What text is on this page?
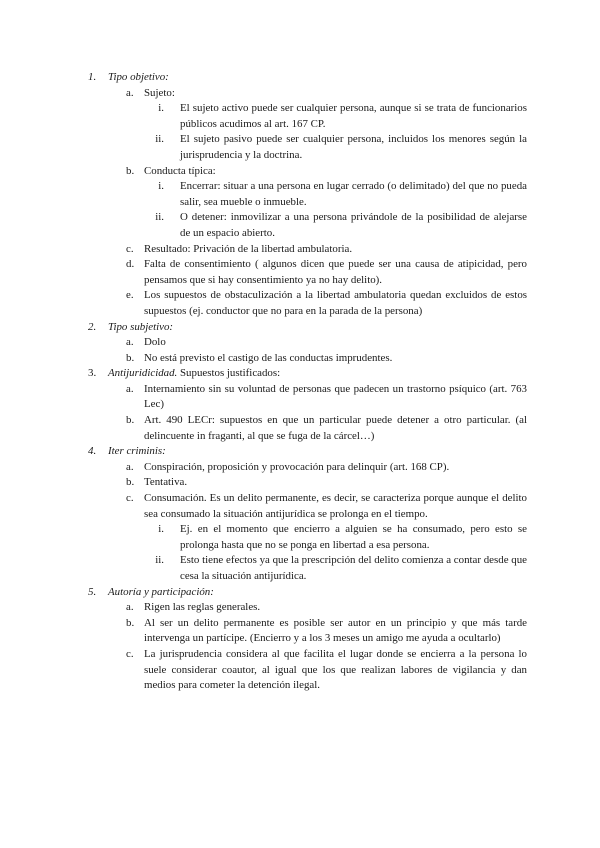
1. Tipo objetivo:
a. Sujeto:
i. El sujeto activo puede ser cualquier persona, aunque si se trata de funcionarios públicos acudimos al art. 167 CP.
ii. El sujeto pasivo puede ser cualquier persona, incluidos los menores según la jurisprudencia y la doctrina.
b. Conducta típica:
i. Encerrar: situar a una persona en lugar cerrado (o delimitado) del que no pueda salir, sea mueble o inmueble.
ii. O detener: inmovilizar a una persona privándole de la posibilidad de alejarse de un espacio abierto.
c. Resultado: Privación de la libertad ambulatoria.
d. Falta de consentimiento ( algunos dicen que puede ser una causa de atipicidad, pero pensamos que si hay consentimiento ya no hay delito).
e. Los supuestos de obstaculización a la libertad ambulatoria quedan excluidos de estos supuestos (ej. conductor que no para en la parada de la persona)
2. Tipo subjetivo:
a. Dolo
b. No está previsto el castigo de las conductas imprudentes.
3. Antijuridicidad. Supuestos justificados:
a. Internamiento sin su voluntad de personas que padecen un trastorno psíquico (art. 763 Lec)
b. Art. 490 LECr: supuestos en que un particular puede detener a otro particular. (al delincuente in fraganti, al que se fuga de la cárcel…)
4. Iter criminis:
a. Conspiración, proposición y provocación para delinquir (art. 168 CP).
b. Tentativa.
c. Consumación. Es un delito permanente, es decir, se caracteriza porque aunque el delito sea consumado la situación antijurídica se prolonga en el tiempo.
i. Ej. en el momento que encierro a alguien se ha consumado, pero esto se prolonga hasta que no se ponga en libertad a esa persona.
ii. Esto tiene efectos ya que la prescripción del delito comienza a contar desde que cesa la situación antijurídica.
5. Autoría y participación:
a. Rigen las reglas generales.
b. Al ser un delito permanente es posible ser autor en un principio y que más tarde intervenga un partícipe. (Encierro y a los 3 meses un amigo me ayuda a ocultarlo)
c. La jurisprudencia considera al que facilita el lugar donde se encierra a la persona lo suele considerar coautor, al igual que los que realizan labores de vigilancia y dan medios para cometer la detención ilegal.
